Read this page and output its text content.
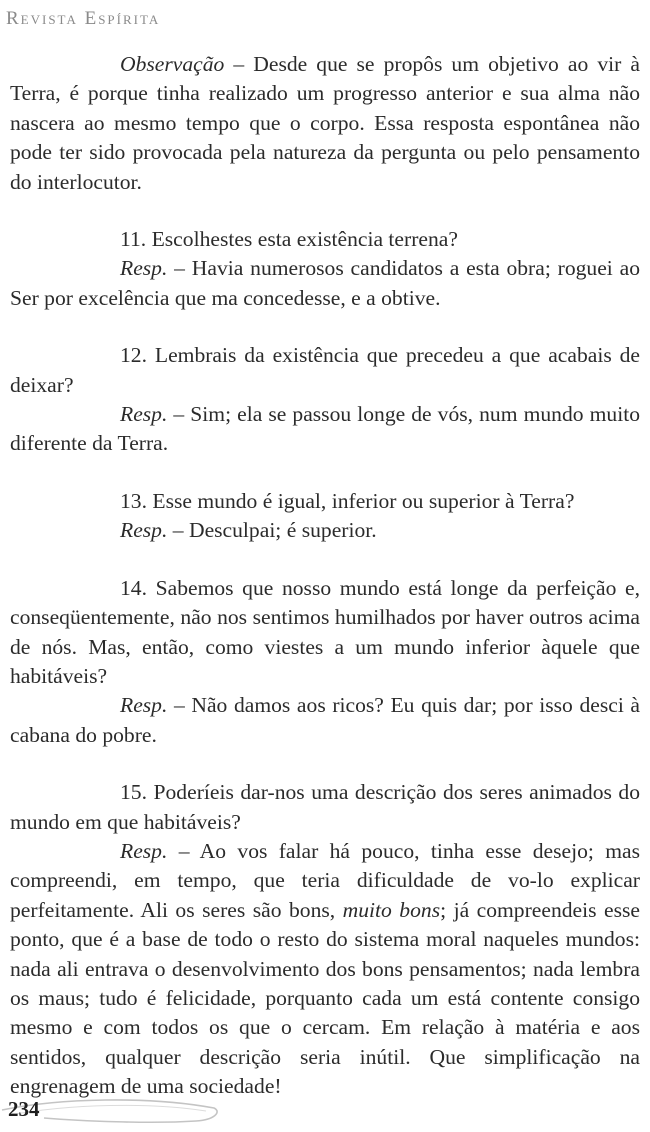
Revista Espírita

Observação – Desde que se propôs um objetivo ao vir à Terra, é porque tinha realizado um progresso anterior e sua alma não nascera ao mesmo tempo que o corpo. Essa resposta espontânea não pode ter sido provocada pela natureza da pergunta ou pelo pensamento do interlocutor.

11. Escolhestes esta existência terrena?

Resp. – Havia numerosos candidatos a esta obra; roguei ao Ser por excelência que ma concedesse, e a obtive.

12. Lembrais da existência que precedeu a que acabais de deixar?

Resp. – Sim; ela se passou longe de vós, num mundo muito diferente da Terra.

13. Esse mundo é igual, inferior ou superior à Terra?

Resp. – Desculpai; é superior.

14. Sabemos que nosso mundo está longe da perfeição e, conseqüentemente, não nos sentimos humilhados por haver outros acima de nós. Mas, então, como viestes a um mundo inferior àquele que habitáveis?

Resp. – Não damos aos ricos? Eu quis dar; por isso desci à cabana do pobre.

15. Poderíeis dar-nos uma descrição dos seres animados do mundo em que habitáveis?

Resp. – Ao vos falar há pouco, tinha esse desejo; mas compreendi, em tempo, que teria dificuldade de vo-lo explicar perfeitamente. Ali os seres são bons, muito bons; já compreendeis esse ponto, que é a base de todo o resto do sistema moral naqueles mundos: nada ali entrava o desenvolvimento dos bons pensamentos; nada lembra os maus; tudo é felicidade, porquanto cada um está contente consigo mesmo e com todos os que o cercam. Em relação à matéria e aos sentidos, qualquer descrição seria inútil. Que simplificação na engrenagem de uma sociedade!

234
